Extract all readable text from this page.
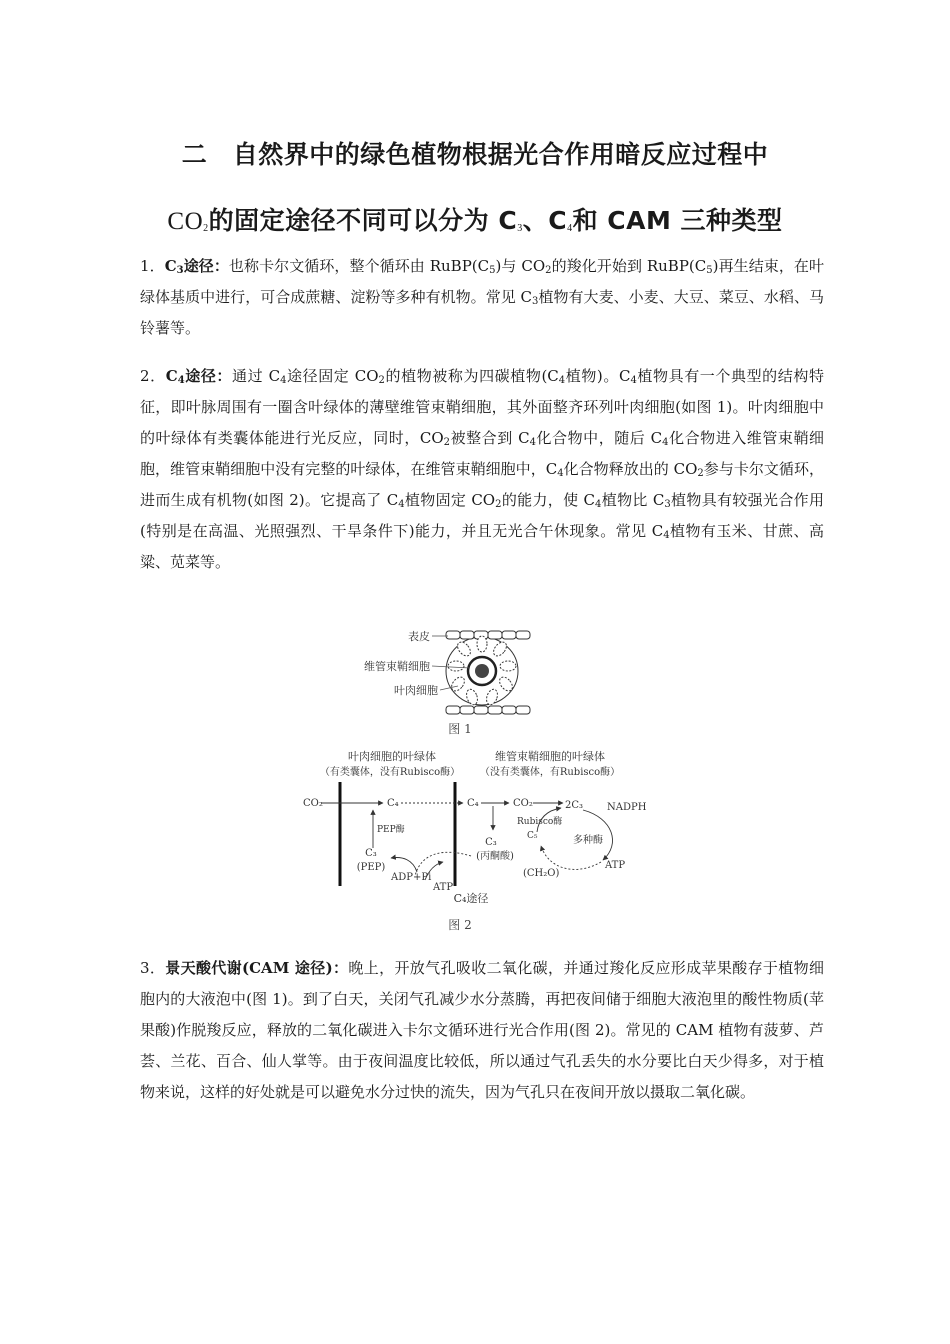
二　自然界中的绿色植物根据光合作用暗反应过程中
$CO_2$的固定途径不同可以分为 $C_3$、$C_4$和 CAM 三种类型
1．$C_3$途径：也称卡尔文循环，整个循环由 $RuBP(C_5)$与 $CO_2$的羧化开始到 $RuBP(C_5)$再生结束，在叶绿体基质中进行，可合成蔗糖、淀粉等多种有机物。常见 $C_3$植物有大麦、小麦、大豆、菜豆、水稻、马铃薯等。
2．$C_4$途径：通过 $C_4$途径固定 $CO_2$的植物被称为四碳植物($C_4$植物)。$C_4$植物具有一个典型的结构特征，即叶脉周围有一圈含叶绿体的薄壁维管束鞘细胞，其外面整齐环列叶肉细胞(如图 1)。叶肉细胞中的叶绿体有类囊体能进行光反应，同时，$CO_2$被整合到 $C_4$化合物中，随后 $C_4$化合物进入维管束鞘细胞，维管束鞘细胞中没有完整的叶绿体，在维管束鞘细胞中，$C_4$化合物释放出的 $CO_2$参与卡尔文循环，进而生成有机物(如图 2)。它提高了 $C_4$植物固定 $CO_2$的能力，使 $C_4$植物比 $C_3$植物具有较强光合作用(特别是在高温、光照强烈、干旱条件下)能力，并且无光合午休现象。常见 $C_4$植物有玉米、甘蔗、高粱、苋菜等。
表皮
维管束鞘细胞
叶肉细胞
图 1
叶肉细胞的叶绿体
（有类囊体，没有Rubisco酶）
维管束鞘细胞的叶绿体
（没有类囊体，有Rubisco酶）
CO₂	C₄	C₄	CO₂	2C₃ NADPH
Rubisco酶
C₅	多种酶
ATP
(CH₂O)
C₃
(丙酮酸)
PEP酶
C₃
(PEP)
ADP+Pi
ATP
C₄途径
图 2
3．景天酸代谢(CAM 途径)：晚上，开放气孔吸收二氧化碳，并通过羧化反应形成苹果酸存于植物细胞内的大液泡中(图 1)。到了白天，关闭气孔减少水分蒸腾，再把夜间储于细胞大液泡里的酸性物质(苹果酸)作脱羧反应，释放的二氧化碳进入卡尔文循环进行光合作用(图 2)。常见的 CAM 植物有菠萝、芦荟、兰花、百合、仙人掌等。由于夜间温度比较低，所以通过气孔丢失的水分要比白天少得多，对于植物来说，这样的好处就是可以避免水分过快的流失，因为气孔只在夜间开放以摄取二氧化碳。
